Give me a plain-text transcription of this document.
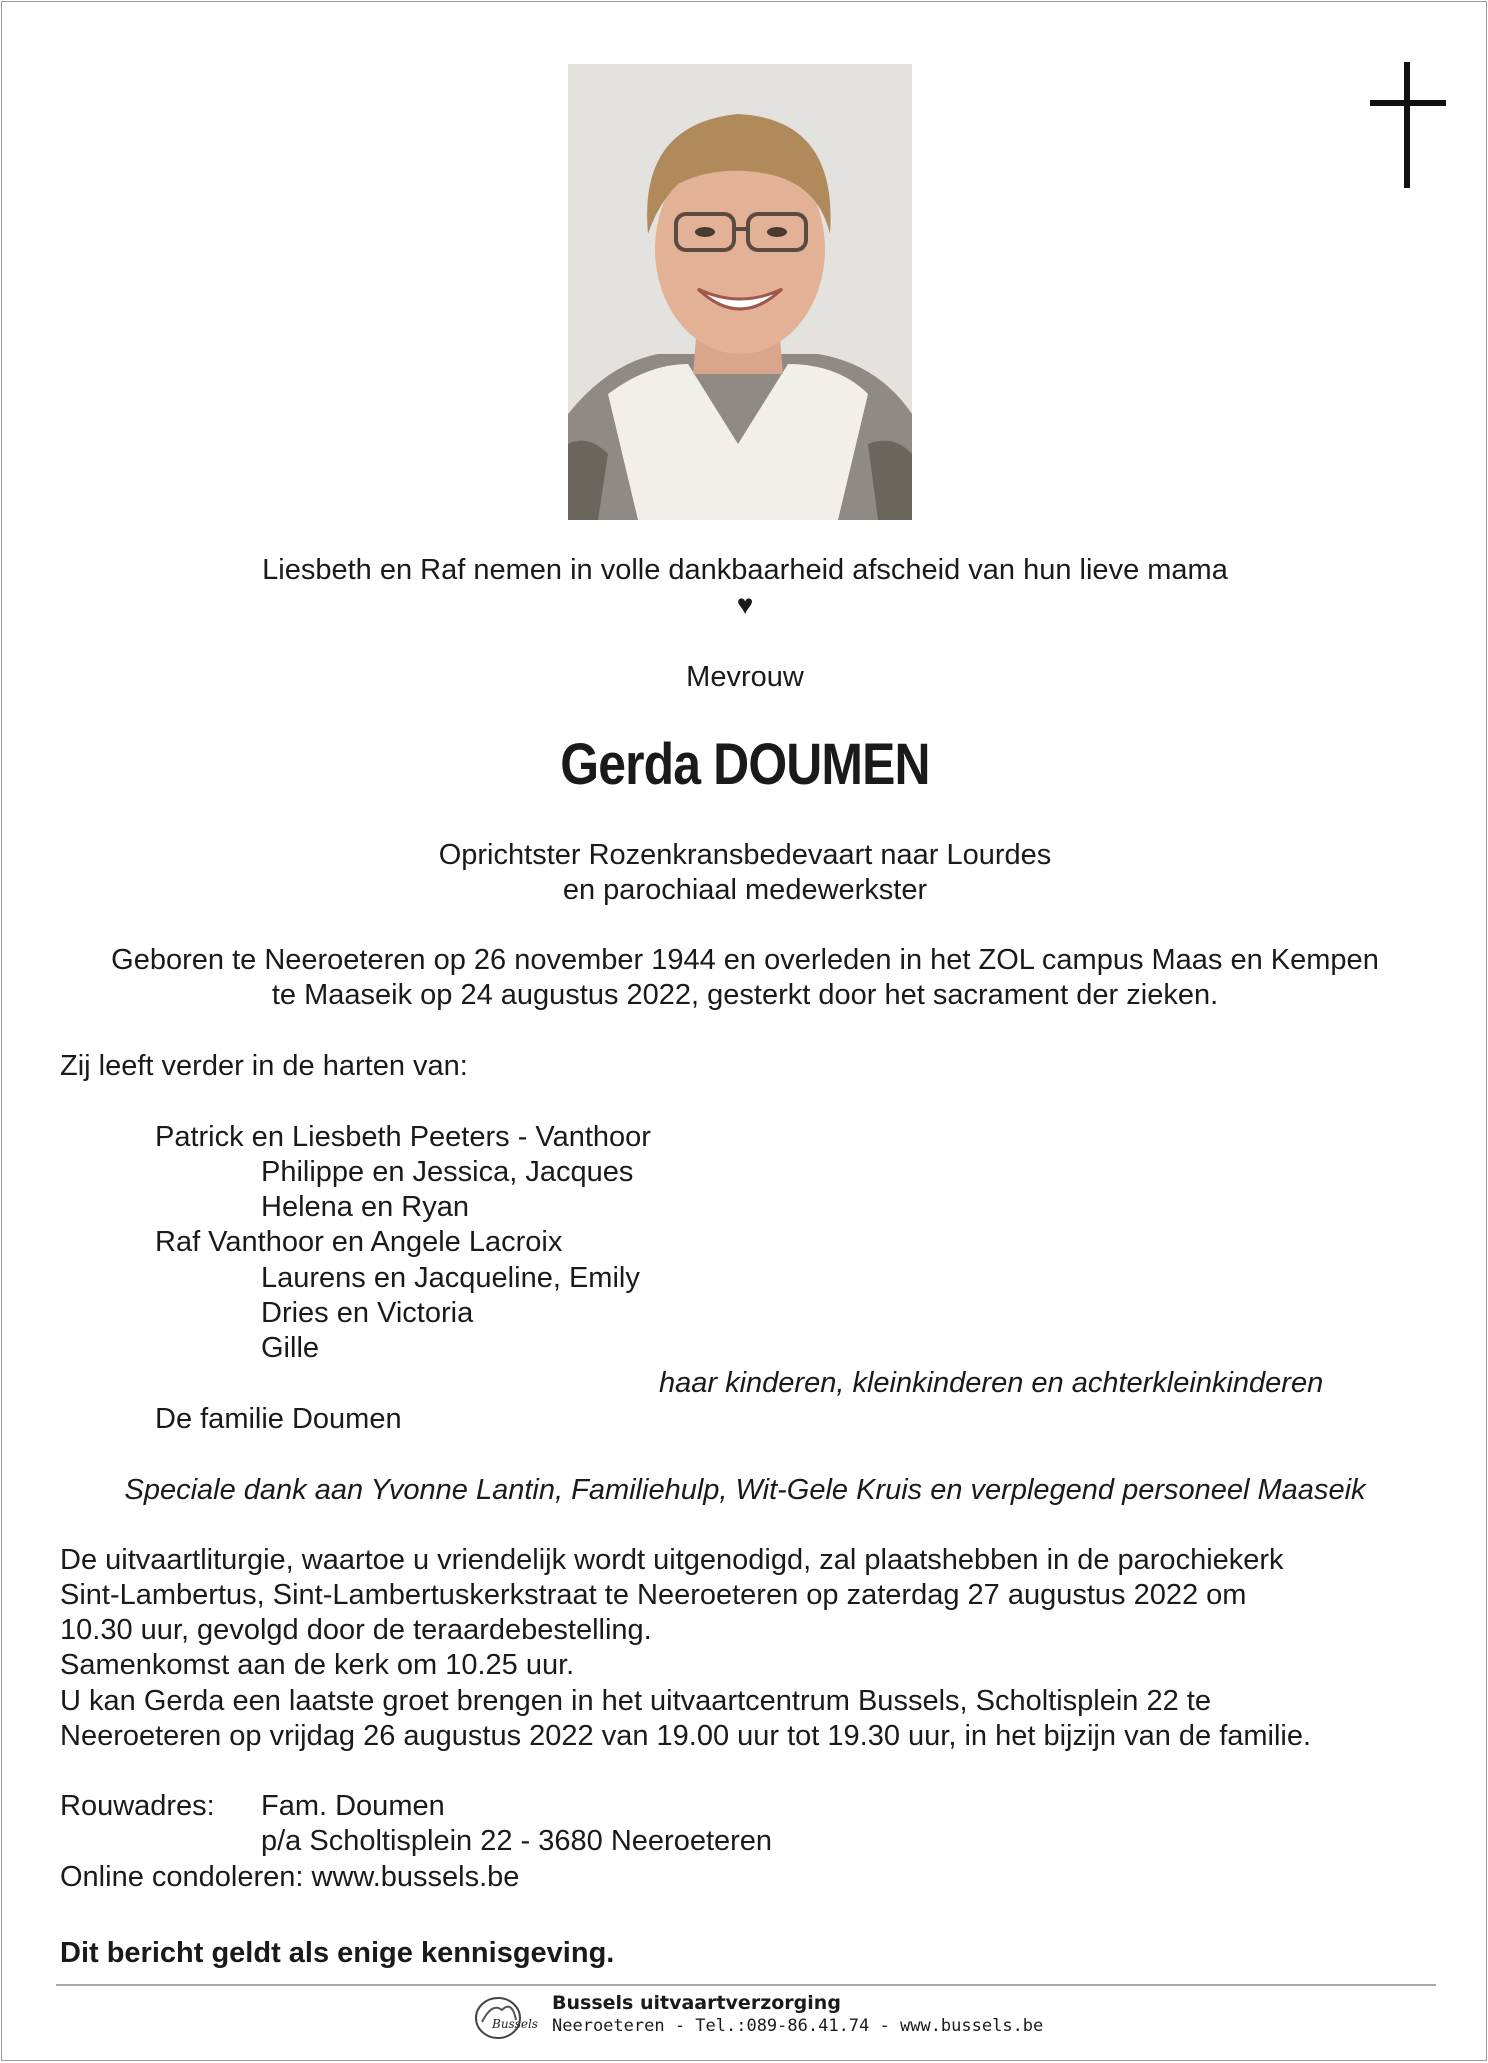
Liesbeth en Raf nemen in volle dankbaarheid afscheid van hun lieve mama
♥
Mevrouw
Gerda DOUMEN
Oprichtster Rozenkransbedevaart naar Lourdes
en parochiaal medewerkster
Geboren te Neeroeteren op 26 november 1944 en overleden in het ZOL campus Maas en Kempen
te Maaseik op 24 augustus 2022, gesterkt door het sacrament der zieken.
Zij leeft verder in de harten van:
Patrick en Liesbeth Peeters - Vanthoor
Philippe en Jessica, Jacques
Helena en Ryan
Raf Vanthoor en Angele Lacroix
Laurens en Jacqueline, Emily
Dries en Victoria
Gille
haar kinderen, kleinkinderen en achterkleinkinderen
De familie Doumen
Speciale dank aan Yvonne Lantin, Familiehulp, Wit-Gele Kruis en verplegend personeel Maaseik
De uitvaartliturgie, waartoe u vriendelijk wordt uitgenodigd, zal plaatshebben in de parochiekerk
Sint-Lambertus, Sint-Lambertuskerkstraat te Neeroeteren op zaterdag 27 augustus 2022 om
10.30 uur, gevolgd door de teraardebestelling.
Samenkomst aan de kerk om 10.25 uur.
U kan Gerda een laatste groet brengen in het uitvaartcentrum Bussels, Scholtisplein 22 te
Neeroeteren op vrijdag 26 augustus 2022 van 19.00 uur tot 19.30 uur, in het bijzijn van de familie.
Rouwadres: Fam. Doumen
p/a Scholtisplein 22 - 3680 Neeroeteren
Online condoleren: www.bussels.be
Dit bericht geldt als enige kennisgeving.
Bussels
Bussels uitvaartverzorging
Neeroeteren - Tel.:089-86.41.74 - www.bussels.be
